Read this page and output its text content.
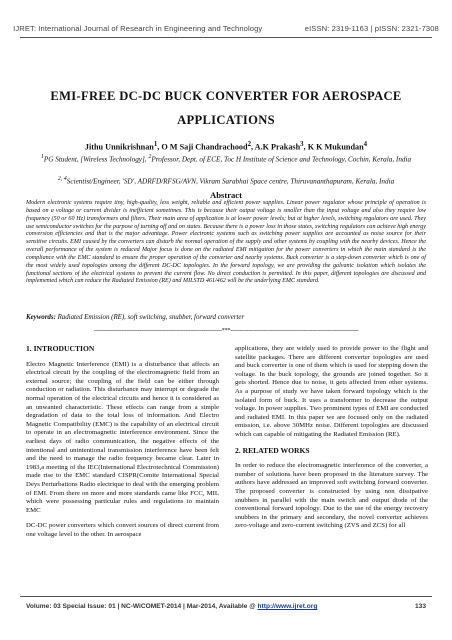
IJRET: International Journal of Research in Engineering and Technology	eISSN: 2319-1163 | pISSN: 2321-7308
EMI-FREE DC-DC BUCK CONVERTER FOR AEROSPACE
APPLICATIONS
Jithu Unnikrishnan$^1$, O M Saji Chandrachood$^2$, A.K Prakash$^3$, K K Mukundan$^4$
$^1$PG Student, [Wireless Technology], $^2$Professor, Dept. of ECE, Toc H Institute of Science and Technology, Cochin, Kerala, India
$^{2, 4}$Scientist/Engineer, 'SD', ADRFD/RFSG/AVN, Vikram Sarabhai Space centre, Thiruvananthapuram, Kerala, India
Abstract
Modern electronic systems require tiny, high-quality, less weight, reliable and efficient power supplies. Linear power regulator whose principle of operation is based on a voltage or current divider is inefficient sometimes. This is because their output voltage is smaller than the input voltage and also they require low frequency (50 or 60 Hz) transformers and filters. Their main area of application is at lower power levels; but at higher levels, switching regulators are used. They use semiconductor switches for the purpose of turning off and on states. Because there is a power loss in those states, switching regulators can achieve high energy conversion efficiencies and that is the major advantage. Power electronic systems such as switching power supplies are accounted as noise source for their sensitive circuits. EMI caused by the converters can disturb the normal operation of the supply and other systems by coupling with the nearby devices. Hence the overall performance of the system is reduced Major focus is done on the radiated EMI mitigation for the power converters in which the main standard is the compliance with the EMC standard to ensure the proper operation of the converter and nearby systems. Buck converter is a step-down converter which is one of the most widely used topologies among the different DC-DC topologies. In the forward topology, we are providing the galvanic isolation which isolates the functional sections of the electrical systems to prevent the current flow. No direct conduction is permitted. In this paper, different topologies are discussed and implemented which can reduce the Radiated Emission (RE) and MILSTD 461/462 will be the underlying EMC standard.
Keywords: Radiated Emission (RE), soft switching, snubber, forward converter
----------------------------------------------------------------------***----------------------------------------------------------------------
1. INTRODUCTION

Electro Magnetic Interference (EMI) is a disturbance that affects an electrical circuit by the coupling of the electromagnetic field from an external source; the coupling of the field can be either through conduction or radiation. This disturbance may interrupt or degrade the normal operation of the electrical circuits and hence it is considered as an unwanted characteristic. These effects can range from a simple degradation of data to the total loss of information. And Electro Magnetic Compatibility (EMC) is the capability of an electrical circuit to operate in an electromagnetic interference environment. Since the earliest days of radio communication, the negative effects of the intentional and unintentional transmission interference have been felt and the need to manage the radio frequency became clear. Later in 1983,a meeting of the IEC(International Electrotechnical Commission) made rise to the EMC standard CISPR(Comite International Special Deys Perturbations Radio electrique to deal with the emerging problem of EMI. From there on more and more standards came like FCC, MIL which were possessing particular rules and regulations to maintain EMC

DC-DC power converters which convert sources of direct current from one voltage level to the other. In aerospace

applications, they are widely used to provide power to the flight and satellite packages. There are different converter topologies are used and buck converter is one of them which is used for stepping down the voltage. In the buck topology, the grounds are joined together. So it gets shorted. Hence due to noise, it gets affected from other systems. As a purpose of study we have taken forward topology which is the isolated form of buck. It uses a transformer to decrease the output voltage. In power supplies. Two prominent types of EMI are conducted and radiated EMI. In this paper we are focused only on the radiated emission, i.e. above 30MHz noise. Different topologies are discussed which can capable of mitigating the Radiated Emission (RE).

2. RELATED WORKS

In order to reduce the electromagnetic interference of the converter, a number of solutions have been proposed in the literature survey. The authors have addressed an improved soft switching forward converter. The proposed converter is constructed by using non dissipative snubbers in parallel with the main switch and output diode of the conventional forward topology. Due to the use of the energy recovery snubbers in the primary and secondary, the novel converter achieves zero-voltage and zero-current switching (ZVS and ZCS) for all

Volume: 03 Special Issue: 01 | NC-WiCOMET-2014 | Mar-2014, Available @ http://www.ijret.org	133
